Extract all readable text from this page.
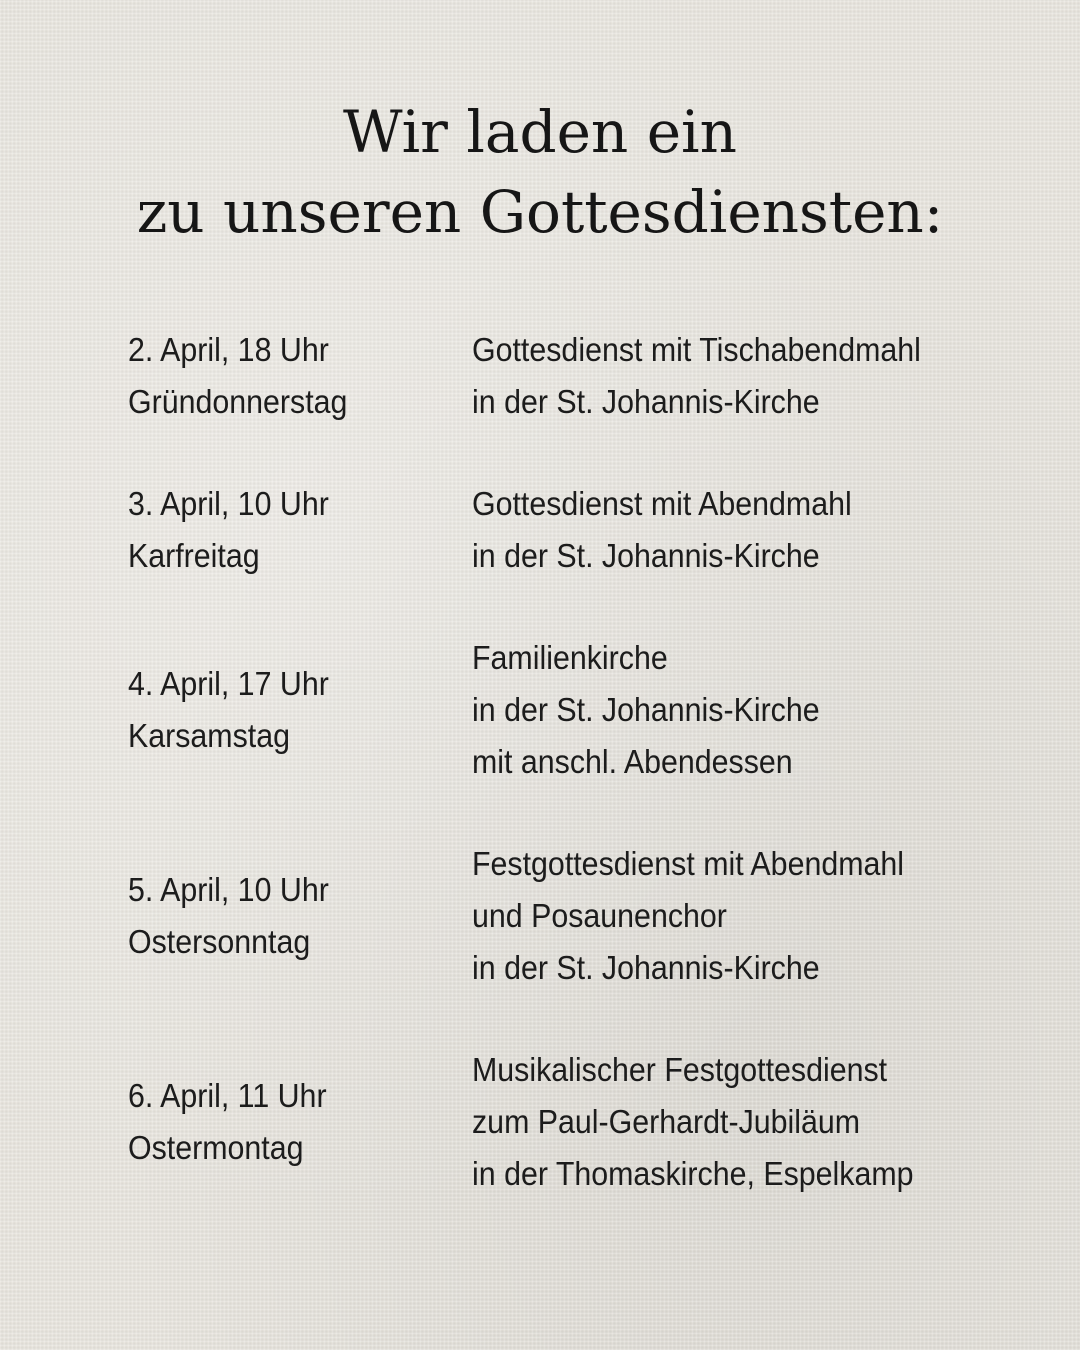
Wir laden ein
zu unseren Gottesdiensten:
2. April, 18 Uhr
Gründonnerstag
Gottesdienst mit Tischabendmahl
in der St. Johannis-Kirche
3. April, 10 Uhr
Karfreitag
Gottesdienst mit Abendmahl
in der St. Johannis-Kirche
4. April, 17 Uhr
Karsamstag
Familienkirche
in der St. Johannis-Kirche
mit anschl. Abendessen
5. April, 10 Uhr
Ostersonntag
Festgottesdienst mit Abendmahl
und Posaunenchor
in der St. Johannis-Kirche
6. April, 11 Uhr
Ostermontag
Musikalischer Festgottesdienst
zum Paul-Gerhardt-Jubiläum
in der Thomaskirche, Espelkamp
